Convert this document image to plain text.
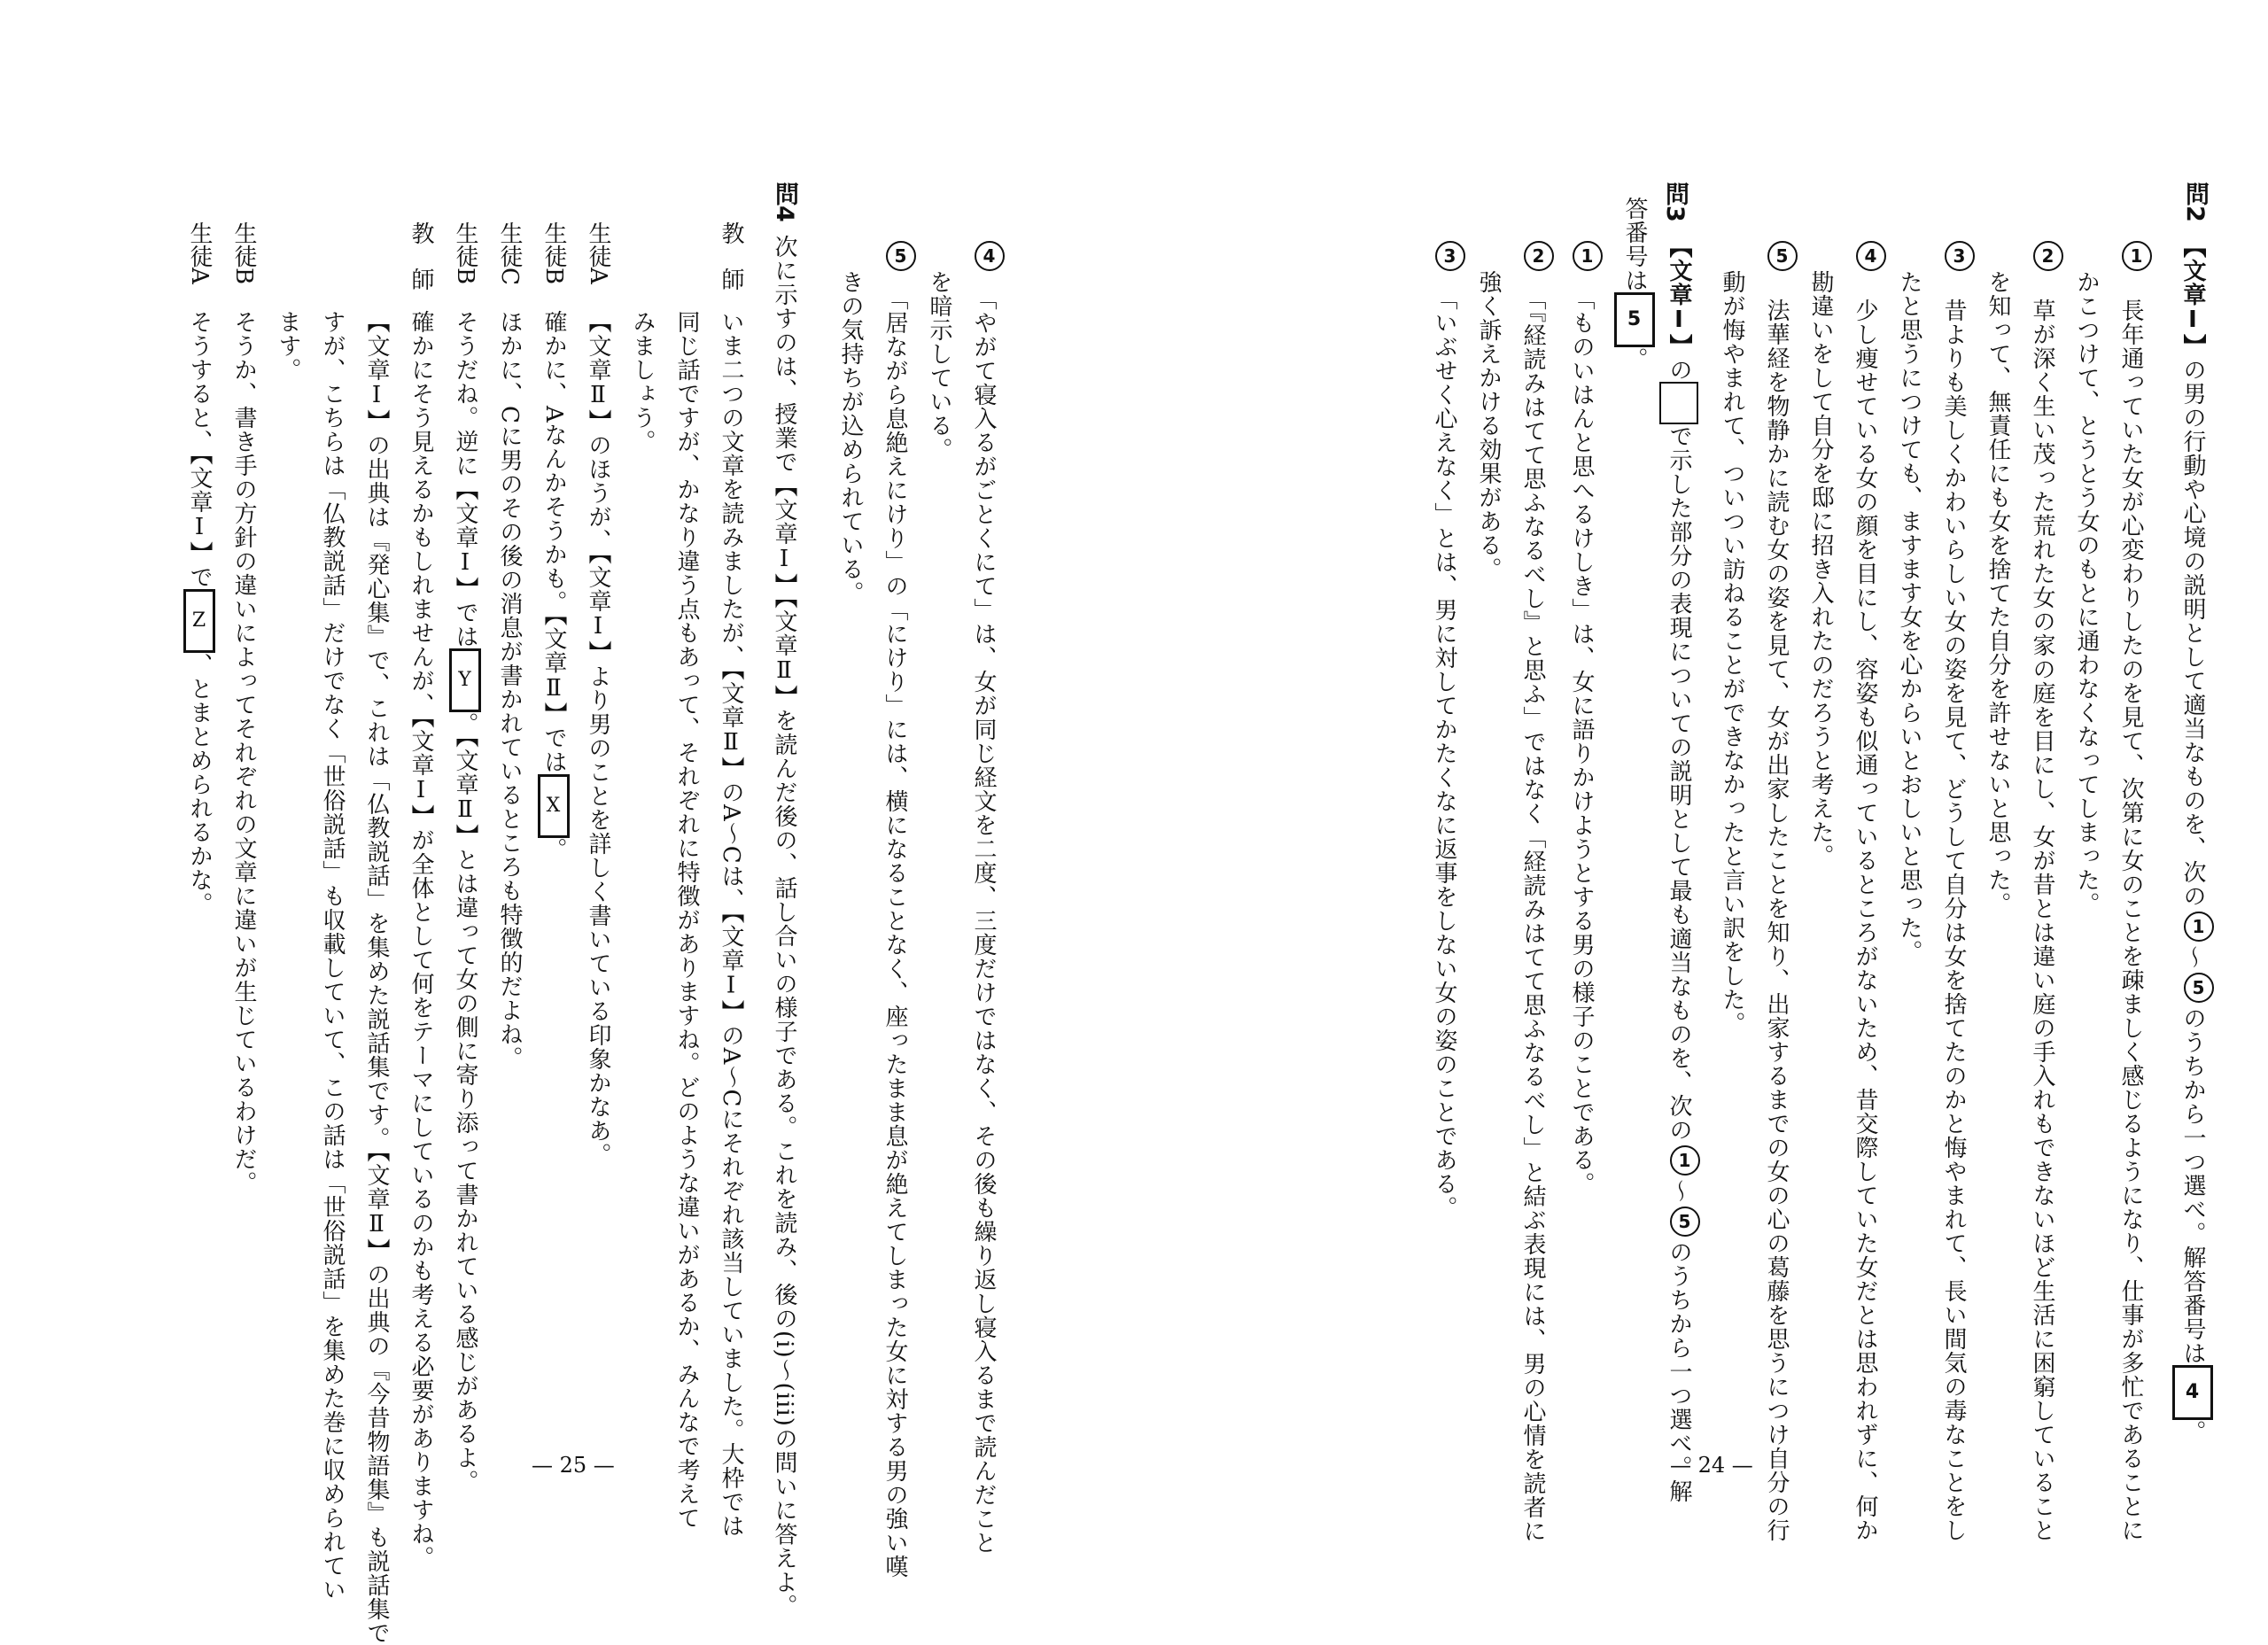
問2
【文章Ⅰ】の男の行動や心境の説明として適当なものを、次の1〜5のうちから一つ選べ。解答番号は4。
1　長年通っていた女が心変わりしたのを見て、次第に女のことを疎ましく感じるようになり、仕事が多忙であることに
かこつけて、とうとう女のもとに通わなくなってしまった。
2　草が深く生い茂った荒れた女の家の庭を目にし、女が昔とは違い庭の手入れもできないほど生活に困窮していること
を知って、無責任にも女を捨てた自分を許せないと思った。
3　昔よりも美しくかわいらしい女の姿を見て、どうして自分は女を捨てたのかと悔やまれて、長い間気の毒なことをし
たと思うにつけても、ますます女を心からいとおしいと思った。
4　少し痩せている女の顔を目にし、容姿も似通っているところがないため、昔交際していた女だとは思われずに、何か
勘違いをして自分を邸に招き入れたのだろうと考えた。
5　法華経を物静かに読む女の姿を見て、女が出家したことを知り、出家するまでの女の心の葛藤を思うにつけ自分の行
動が悔やまれて、ついつい訪ねることができなかったと言い訳をした。
問3
【文章Ⅰ】ので示した部分の表現についての説明として最も適当なものを、次の1〜5のうちから一つ選べ。解
答番号は5。
1　「ものいはんと思へるけしき」は、女に語りかけようとする男の様子のことである。
2　「『経読みはてて思ふなるべし』と思ふ」ではなく「経読みはてて思ふなるべし」と結ぶ表現には、男の心情を読者に
強く訴えかける効果がある。
3　「いぶせく心えなく」とは、男に対してかたくなに返事をしない女の姿のことである。
— 24 —
4　「やがて寝入るがごとくにて」は、女が同じ経文を二度、三度だけではなく、その後も繰り返し寝入るまで読んだこと
を暗示している。
5　「居ながら息絶えにけり」の「にけり」には、横になることなく、座ったまま息が絶えてしまった女に対する男の強い嘆
きの気持ちが込められている。
問4
次に示すのは、授業で【文章Ⅰ】【文章Ⅱ】を読んだ後の、話し合いの様子である。これを読み、後の(i)〜(iii)の問いに答えよ。
教　師
いま二つの文章を読みましたが、【文章Ⅱ】のA〜Cは、【文章Ⅰ】のA〜Cにそれぞれ該当していました。大枠では
同じ話ですが、かなり違う点もあって、それぞれに特徴がありますね。どのような違いがあるか、みんなで考えて
みましょう。
生徒A
【文章Ⅱ】のほうが、【文章Ⅰ】より男のことを詳しく書いている印象かなあ。
生徒B
確かに、Aなんかそうかも。【文章Ⅱ】ではX。
生徒C
ほかに、Cに男のその後の消息が書かれているところも特徴的だよね。
生徒B
そうだね。逆に【文章Ⅰ】ではY。【文章Ⅱ】とは違って女の側に寄り添って書かれている感じがあるよ。
教　師
確かにそう見えるかもしれませんが、【文章Ⅰ】が全体として何をテーマにしているのかも考える必要がありますね。
【文章Ⅰ】の出典は『発心集』で、これは「仏教説話」を集めた説話集です。【文章Ⅱ】の出典の『今昔物語集』も説話集で
すが、こちらは「仏教説話」だけでなく「世俗説話」も収載していて、この話は「世俗説話」を集めた巻に収められてい
ます。
生徒B
そうか、書き手の方針の違いによってそれぞれの文章に違いが生じているわけだ。
生徒A
そうすると、【文章Ⅰ】でZ、とまとめられるかな。
— 25 —
